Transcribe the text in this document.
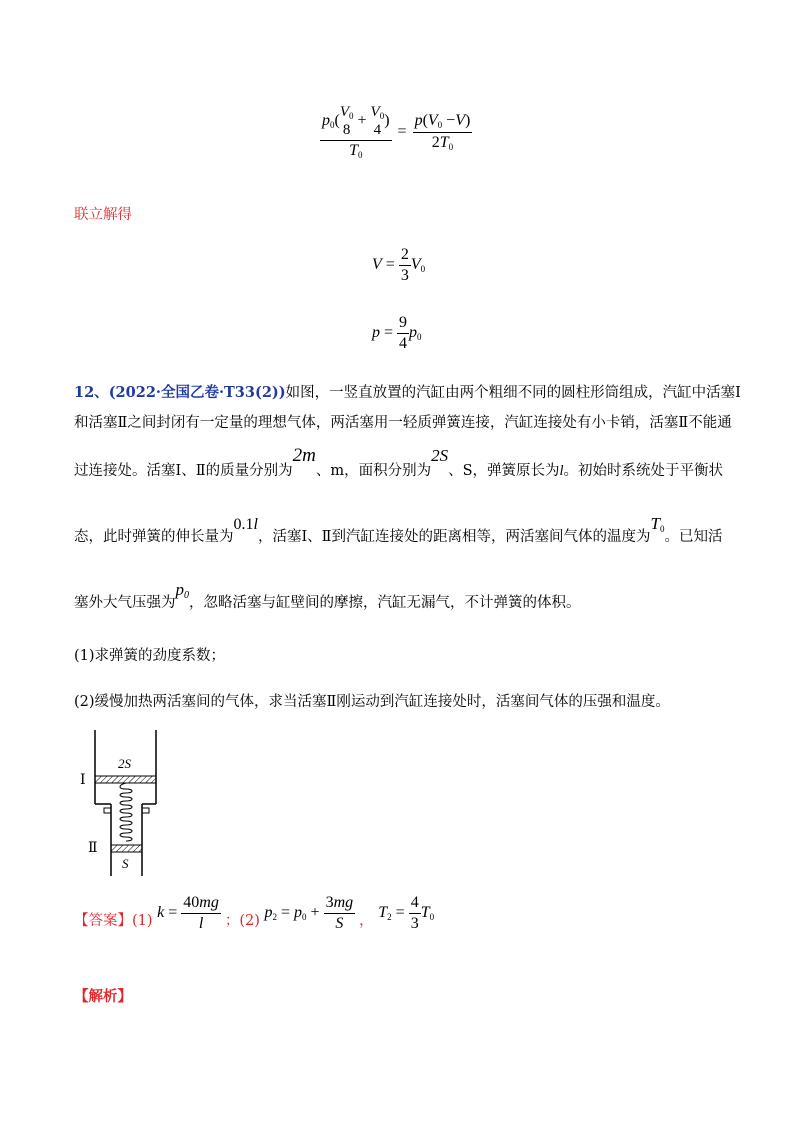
$p_0$( $V_0$
8
+ $V_0$
4
)
$T_0 = \frac{p(V_0 -V)}{2T_0}$
联立解得
$V = \frac{2}{3} V_0$
$p = \frac{9}{4} p_0$
12、(2022·全国乙卷·T33(2))如图，一竖直放置的汽缸由两个粗细不同的圆柱形筒组成，汽缸中活塞Ⅰ
和活塞Ⅱ之间封闭有一定量的理想气体，两活塞用一轻质弹簧连接，汽缸连接处有小卡销，活塞Ⅱ不能通
过连接处。活塞Ⅰ、Ⅱ的质量分别为2m、m，面积分别为2S、S，弹簧原长为l。初始时系统处于平衡状
态，此时弹簧的伸长量为0.1l，活塞Ⅰ、Ⅱ到汽缸连接处的距离相等，两活塞间气体的温度为$T_0$。已知活
塞外大气压强为$p_0$，忽略活塞与缸壁间的摩擦，汽缸无漏气，不计弹簧的体积。
(1)求弹簧的劲度系数；
(2)缓慢加热两活塞间的气体，求当活塞Ⅱ刚运动到汽缸连接处时，活塞间气体的压强和温度。
2S
Ⅰ
Ⅱ
S
【答案】(1) $k = \frac{40mg}{l}$ ；(2) $p_2 = p_0 + \frac{3mg}{S}$ ， $T_2 = \frac{4}{3} T_0$
【解析】
